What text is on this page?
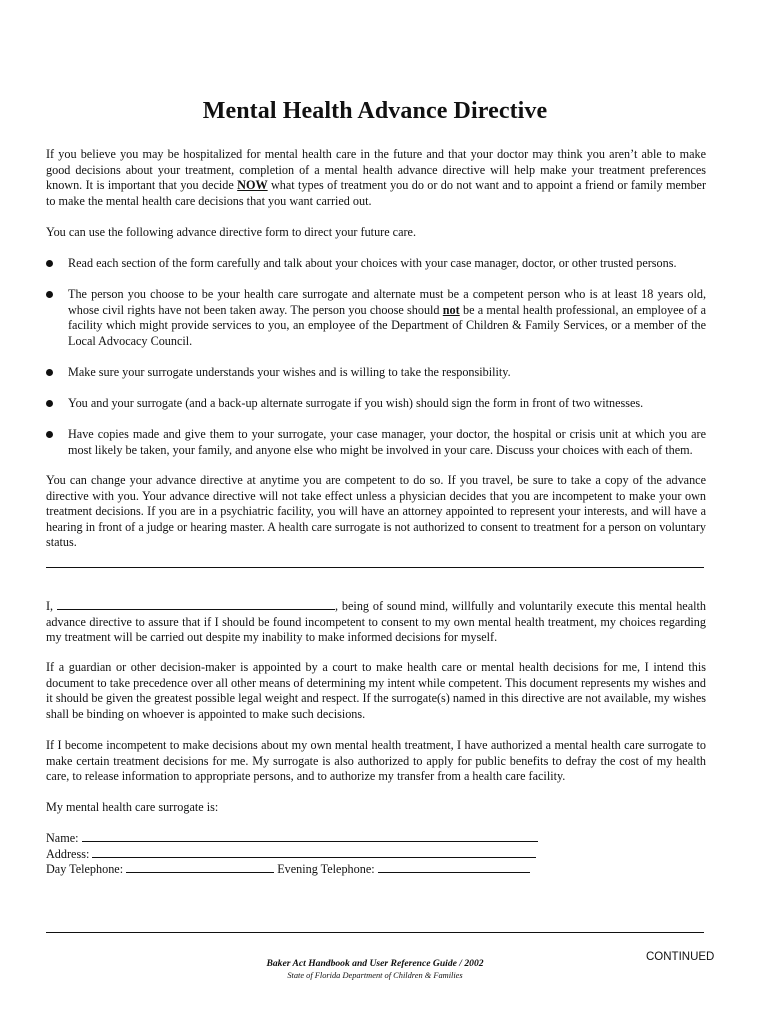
Mental Health Advance Directive

If you believe you may be hospitalized for mental health care in the future and that your doctor may think you aren’t able to make good decisions about your treatment, completion of a mental health advance directive will help make your treatment preferences known. It is important that you decide NOW what types of treatment you do or do not want and to appoint a friend or family member to make the mental health care decisions that you want carried out.

You can use the following advance directive form to direct your future care.

Read each section of the form carefully and talk about your choices with your case manager, doctor, or other trusted persons.
The person you choose to be your health care surrogate and alternate must be a competent person who is at least 18 years old, whose civil rights have not been taken away. The person you choose should not be a mental health professional, an employee of a facility which might provide services to you, an employee of the Department of Children & Family Services, or a member of the Local Advocacy Council.
Make sure your surrogate understands your wishes and is willing to take the responsibility.
You and your surrogate (and a back-up alternate surrogate if you wish) should sign the form in front of two witnesses.
Have copies made and give them to your surrogate, your case manager, your doctor, the hospital or crisis unit at which you are most likely be taken, your family, and anyone else who might be involved in your care. Discuss your choices with each of them.

You can change your advance directive at anytime you are competent to do so. If you travel, be sure to take a copy of the advance directive with you. Your advance directive will not take effect unless a physician decides that you are incompetent to make your own treatment decisions. If you are in a psychiatric facility, you will have an attorney appointed to represent your interests, and will have a hearing in front of a judge or hearing master. A health care surrogate is not authorized to consent to treatment for a person on voluntary status.

I,	, being of sound mind, willfully and voluntarily execute this mental health advance directive to assure that if I should be found incompetent to consent to my own mental health treatment, my choices regarding my treatment will be carried out despite my inability to make informed decisions for myself.

If a guardian or other decision-maker is appointed by a court to make health care or mental health decisions for me, I intend this document to take precedence over all other means of determining my intent while competent. This document represents my wishes and it should be given the greatest possible legal weight and respect. If the surrogate(s) named in this directive are not available, my wishes shall be binding on whoever is appointed to make such decisions.

If I become incompetent to make decisions about my own mental health treatment, I have authorized a mental health care surrogate to make certain treatment decisions for me. My surrogate is also authorized to apply for public benefits to defray the cost of my health care, to release information to appropriate persons, and to authorize my transfer from a health care facility.

My mental health care surrogate is:

Name:
Address:
Day Telephone:	Evening Telephone:
Baker Act Handbook and User Reference Guide / 2002
State of Florida Department of Children & Families
CONTINUED
